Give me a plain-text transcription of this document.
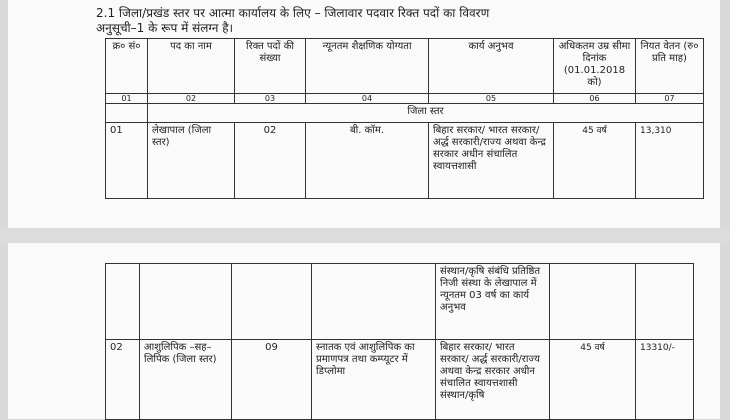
2.1 जिला/प्रखंड स्तर पर आत्मा कार्यालय के लिए – जिलावार पदवार रिक्त पदों का विवरण
अनुसूची–1 के रूप में संलग्न है।
क्र० सं०	पद का नाम	रिक्त पदों की संख्या	न्यूनतम शैक्षणिक योग्यता	कार्य अनुभव	अधिकतम उम्र सीमा दिनांक (01.01.2018 को)	नियत वेतन (रु० प्रति माह)
01	02	03	04	05	06	07
	जिला स्तर					
01	लेखापाल (जिला स्तर)	02	बी. कॉम.	बिहार सरकार/ भारत सरकार/ अर्द्ध सरकारी/राज्य अथवा केन्द्र सरकार अधीन संचालित स्वायत्तशासी	45 वर्ष	13,310
				संस्थान/कृषि संबंधि प्रतिष्ठित निजी संस्था के लेखापाल में न्यूनतम 03 वर्ष का कार्य अनुभव		
02	आशुलिपिक –सह– लिपिक (जिला स्तर)	09	स्नातक एवं आशुलिपिक का प्रमाणपत्र तथा कम्प्यूटर में डिप्लोमा	बिहार सरकार/ भारत सरकार/ अर्द्ध सरकारी/राज्य अथवा केन्द्र सरकार अधीन संचालित स्वायत्तशासी संस्थान/कृषि	45 वर्ष	13310/-
